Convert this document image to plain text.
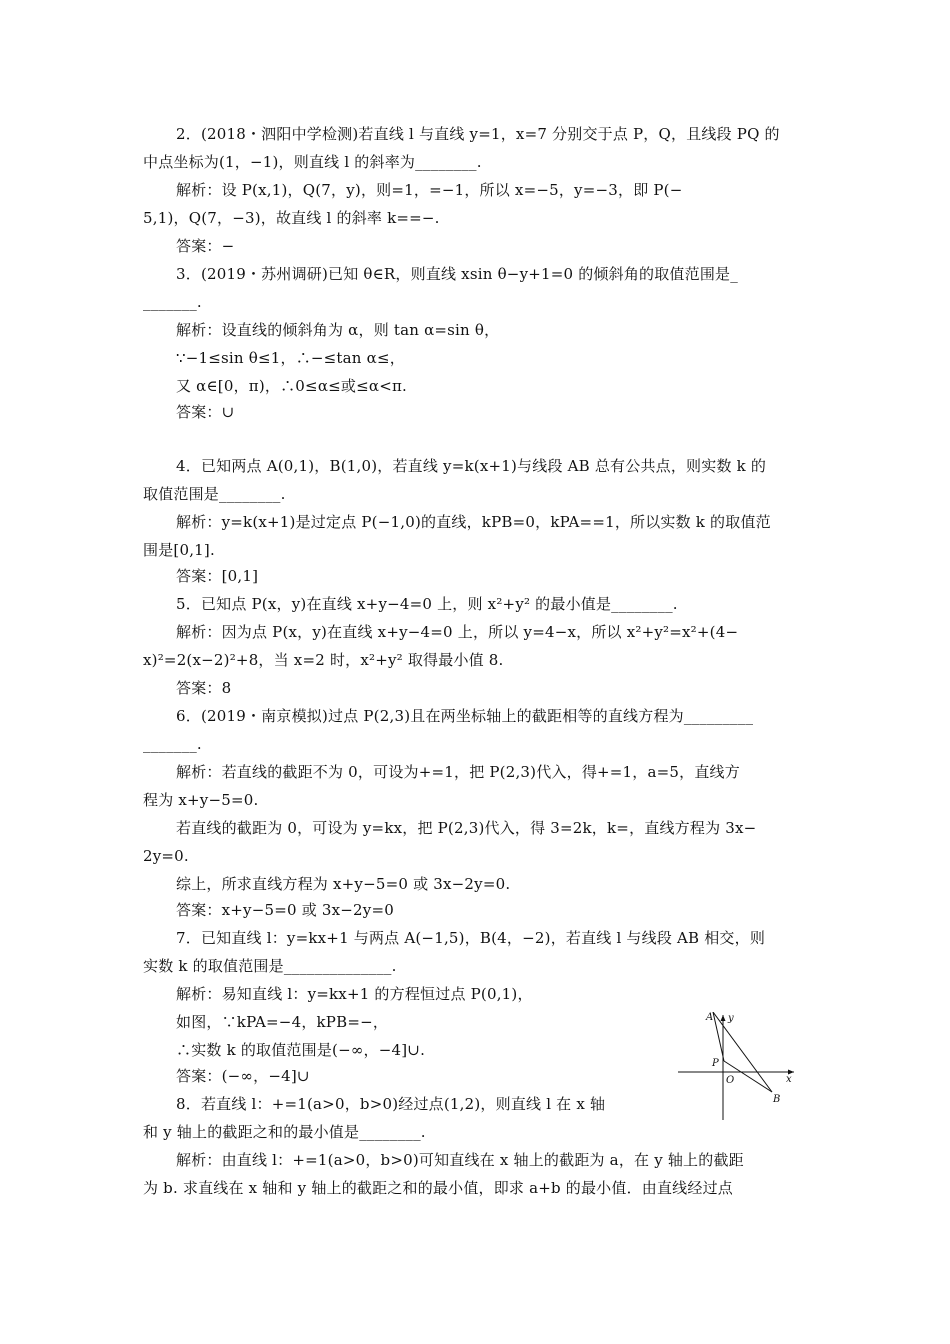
2．(2018・泗阳中学检测)若直线 l 与直线 y=1，x=7 分别交于点 P，Q，且线段 PQ 的
中点坐标为(1，−1)，则直线 l 的斜率为________.
解析：设 P(x,1)，Q(7，y)，则=1，=−1，所以 x=−5，y=−3，即 P(−
5,1)，Q(7，−3)，故直线 l 的斜率 k==−.
答案：−
3．(2019・苏州调研)已知 θ∈R，则直线 xsin θ−y+1=0 的倾斜角的取值范围是_
_______.
解析：设直线的倾斜角为 α，则 tan α=sin θ，
∵−1≤sin θ≤1，∴−≤tan α≤，
又 α∈[0，π)，∴0≤α≤或≤α<π.
答案：∪
4．已知两点 A(0,1)，B(1,0)，若直线 y=k(x+1)与线段 AB 总有公共点，则实数 k 的
取值范围是________.
解析：y=k(x+1)是过定点 P(−1,0)的直线，kPB=0，kPA==1，所以实数 k 的取值范
围是[0,1].
答案：[0,1]
5．已知点 P(x，y)在直线 x+y−4=0 上，则 x²+y² 的最小值是________.
解析：因为点 P(x，y)在直线 x+y−4=0 上，所以 y=4−x，所以 x²+y²=x²+(4−
x)²=2(x−2)²+8，当 x=2 时，x²+y² 取得最小值 8.
答案：8
6．(2019・南京模拟)过点 P(2,3)且在两坐标轴上的截距相等的直线方程为_________
_______.
解析：若直线的截距不为 0，可设为+=1，把 P(2,3)代入，得+=1，a=5，直线方
程为 x+y−5=0.
若直线的截距为 0，可设为 y=kx，把 P(2,3)代入，得 3=2k，k=，直线方程为 3x−
2y=0.
综上，所求直线方程为 x+y−5=0 或 3x−2y=0.
答案：x+y−5=0 或 3x−2y=0
7．已知直线 l：y=kx+1 与两点 A(−1,5)，B(4，−2)，若直线 l 与线段 AB 相交，则
实数 k 的取值范围是______________.
解析：易知直线 l：y=kx+1 的方程恒过点 P(0,1)，
如图，∵kPA=−4，kPB=−，
∴实数 k 的取值范围是(−∞，−4]∪.
答案：(−∞，−4]∪
8．若直线 l：+=1(a>0，b>0)经过点(1,2)，则直线 l 在 x 轴
和 y 轴上的截距之和的最小值是________.
解析：由直线 l：+=1(a>0，b>0)可知直线在 x 轴上的截距为 a，在 y 轴上的截距
为 b. 求直线在 x 轴和 y 轴上的截距之和的最小值，即求 a+b 的最小值．由直线经过点
A y
P
O	x
B
